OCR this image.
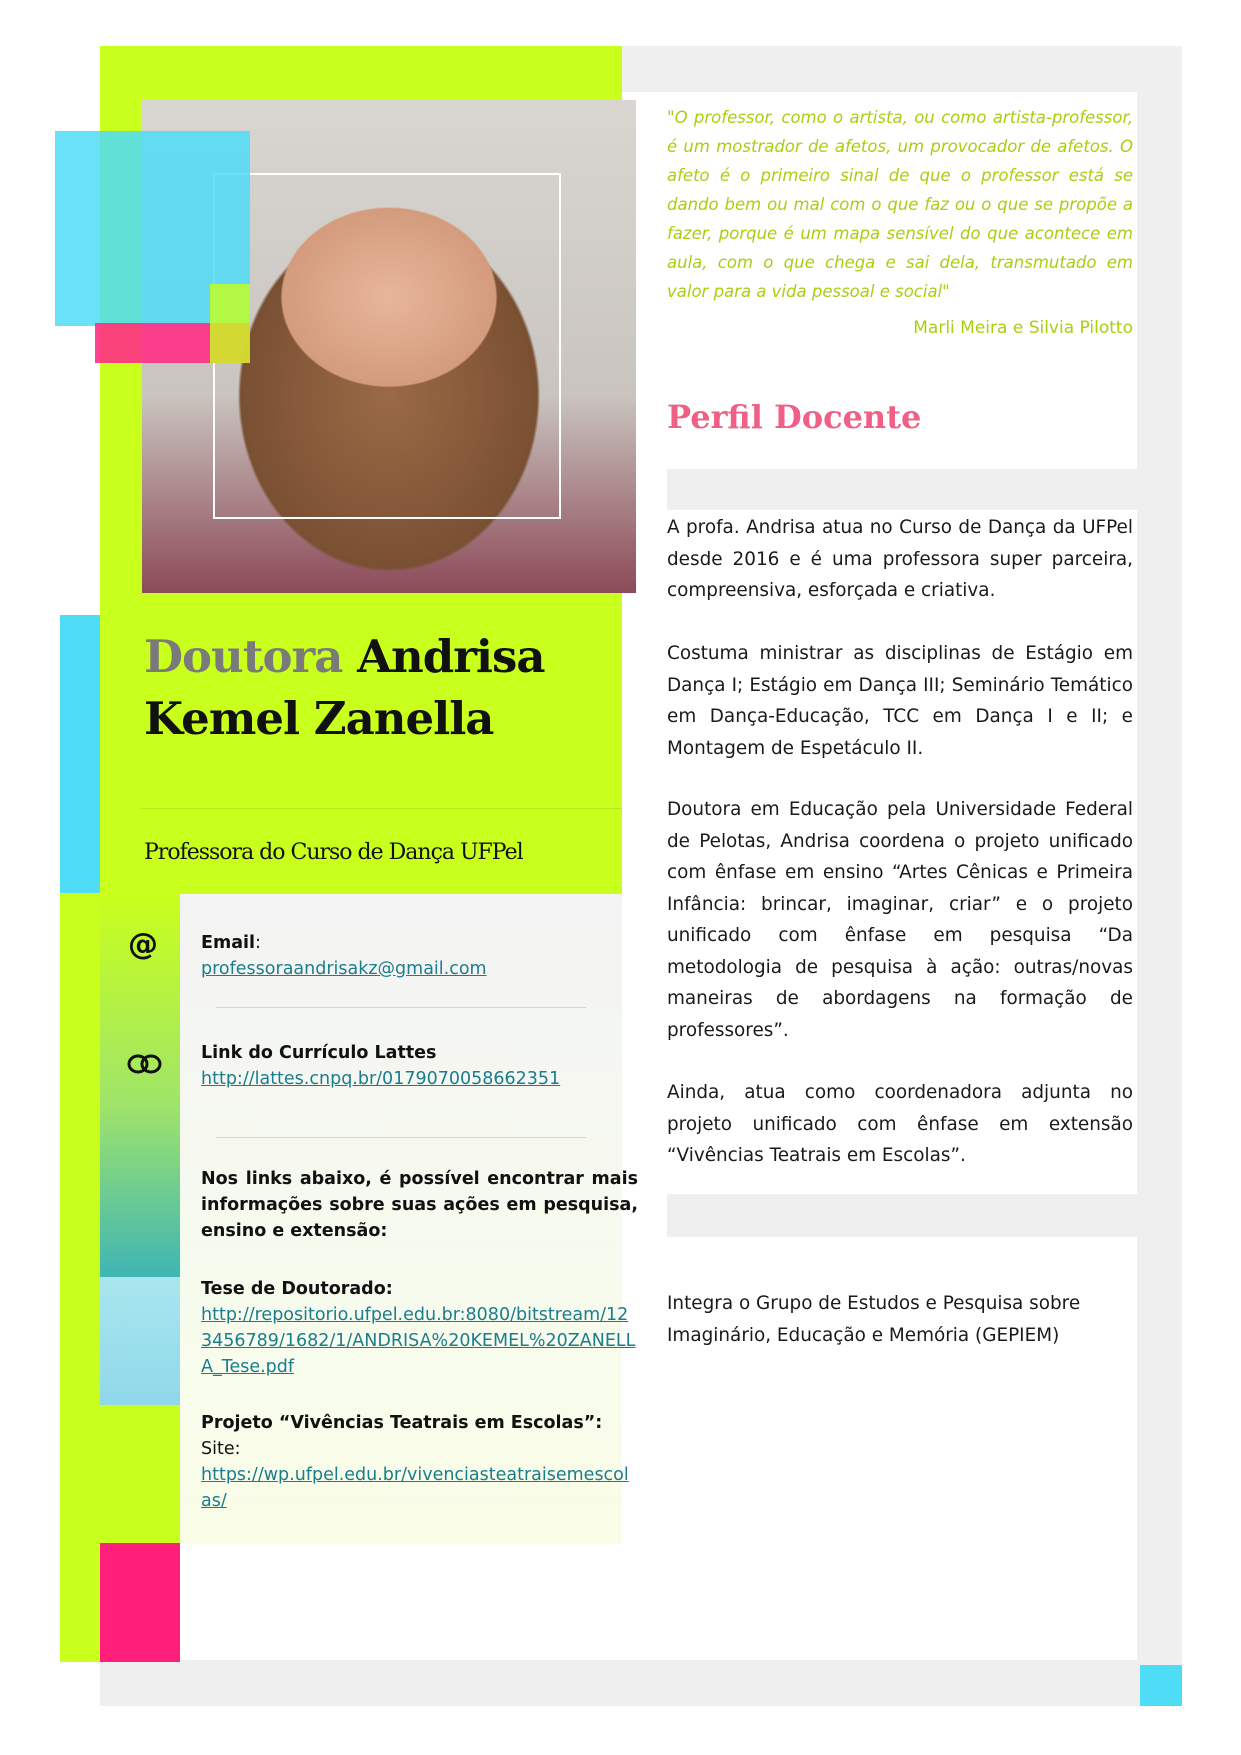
"O professor, como o artista, ou como artista-professor, é um mostrador de afetos, um provocador de afetos. O afeto é o primeiro sinal de que o professor está se dando bem ou mal com o que faz ou o que se propõe a fazer, porque é um mapa sensível do que acontece em aula, com o que chega e sai dela, transmutado em valor para a vida pessoal e social"
Marli Meira e Silvia Pilotto
Perfil Docente
A profa. Andrisa atua no Curso de Dança da UFPel desde 2016 e é uma professora super parceira, compreensiva, esforçada e criativa.
Costuma ministrar as disciplinas de Estágio em Dança I; Estágio em Dança III; Seminário Temático em Dança-Educação, TCC em Dança I e II; e Montagem de Espetáculo II.
Doutora em Educação pela Universidade Federal de Pelotas, Andrisa coordena o projeto unificado com ênfase em ensino “Artes Cênicas e Primeira Infância: brincar, imaginar, criar” e o projeto unificado com ênfase em pesquisa “Da metodologia de pesquisa à ação: outras/novas maneiras de abordagens na formação de professores”.
Ainda, atua como coordenadora adjunta no projeto unificado com ênfase em extensão “Vivências Teatrais em Escolas”.
Integra o Grupo de Estudos e Pesquisa sobre Imaginário, Educação e Memória (GEPIEM)
Doutora Andrisa
Kemel Zanella
Professora do Curso de Dança UFPel
@ Email:
professoraandrisakz@gmail.com
Link do Currículo Lattes
http://lattes.cnpq.br/0179070058662351
Nos links abaixo, é possível encontrar mais informações sobre suas ações em pesquisa, ensino e extensão:
Tese de Doutorado:
http://repositorio.ufpel.edu.br:8080/bitstream/123456789/1682/1/ANDRISA%20KEMEL%20ZANELLA_Tese.pdf
Projeto “Vivências Teatrais em Escolas”:
Site:
https://wp.ufpel.edu.br/vivenciasteatraisemescolas/
